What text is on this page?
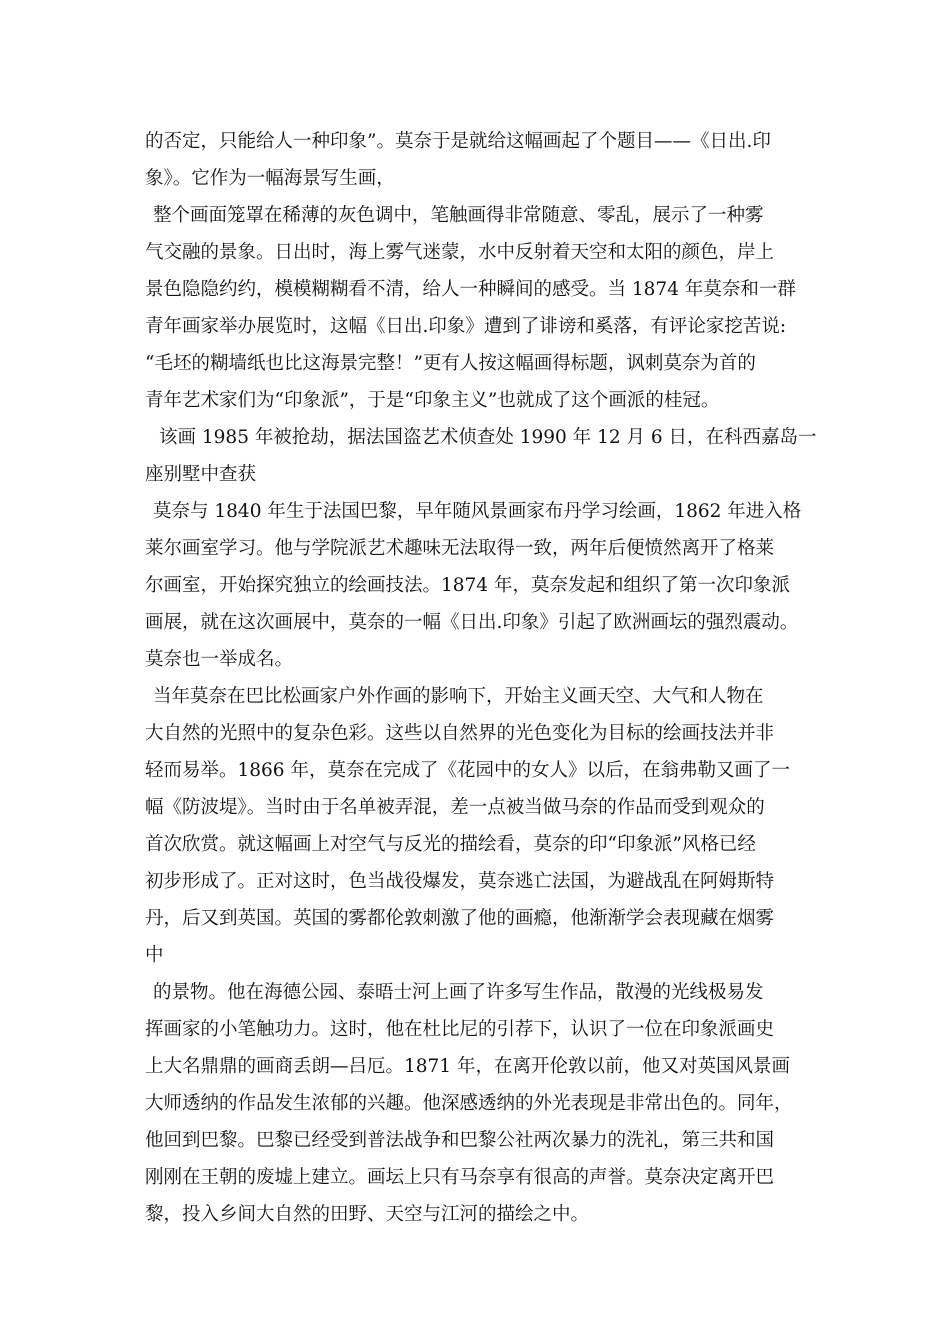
的否定，只能给人一种印象”。莫奈于是就给这幅画起了个题目——《日出.印
象》。它作为一幅海景写生画，
整个画面笼罩在稀薄的灰色调中，笔触画得非常随意、零乱，展示了一种雾
气交融的景象。日出时，海上雾气迷蒙，水中反射着天空和太阳的颜色，岸上
景色隐隐约约，模模糊糊看不清，给人一种瞬间的感受。当 1874 年莫奈和一群
青年画家举办展览时，这幅《日出.印象》遭到了诽谤和奚落，有评论家挖苦说:
“毛坯的糊墙纸也比这海景完整！”更有人按这幅画得标题，讽刺莫奈为首的
青年艺术家们为“印象派”，于是“印象主义”也就成了这个画派的桂冠。
该画 1985 年被抢劫，据法国盗艺术侦查处 1990 年 12 月 6 日，在科西嘉岛一
座别墅中查获
莫奈与 1840 年生于法国巴黎，早年随风景画家布丹学习绘画，1862 年进入格
莱尔画室学习。他与学院派艺术趣味无法取得一致，两年后便愤然离开了格莱
尔画室，开始探究独立的绘画技法。1874 年，莫奈发起和组织了第一次印象派
画展，就在这次画展中，莫奈的一幅《日出.印象》引起了欧洲画坛的强烈震动。
莫奈也一举成名。
当年莫奈在巴比松画家户外作画的影响下，开始主义画天空、大气和人物在
大自然的光照中的复杂色彩。这些以自然界的光色变化为目标的绘画技法并非
轻而易举。1866 年，莫奈在完成了《花园中的女人》以后，在翁弗勒又画了一
幅《防波堤》。当时由于名单被弄混，差一点被当做马奈的作品而受到观众的
首次欣赏。就这幅画上对空气与反光的描绘看，莫奈的印“印象派”风格已经
初步形成了。正对这时，色当战役爆发，莫奈逃亡法国，为避战乱在阿姆斯特
丹，后又到英国。英国的雾都伦敦刺激了他的画瘾，他渐渐学会表现藏在烟雾
中
的景物。他在海德公园、泰晤士河上画了许多写生作品，散漫的光线极易发
挥画家的小笔触功力。这时，他在杜比尼的引荐下，认识了一位在印象派画史
上大名鼎鼎的画商丢朗—吕厄。1871 年，在离开伦敦以前，他又对英国风景画
大师透纳的作品发生浓郁的兴趣。他深感透纳的外光表现是非常出色的。同年，
他回到巴黎。巴黎已经受到普法战争和巴黎公社两次暴力的洗礼，第三共和国
刚刚在王朝的废墟上建立。画坛上只有马奈享有很高的声誉。莫奈决定离开巴
黎，投入乡间大自然的田野、天空与江河的描绘之中。
